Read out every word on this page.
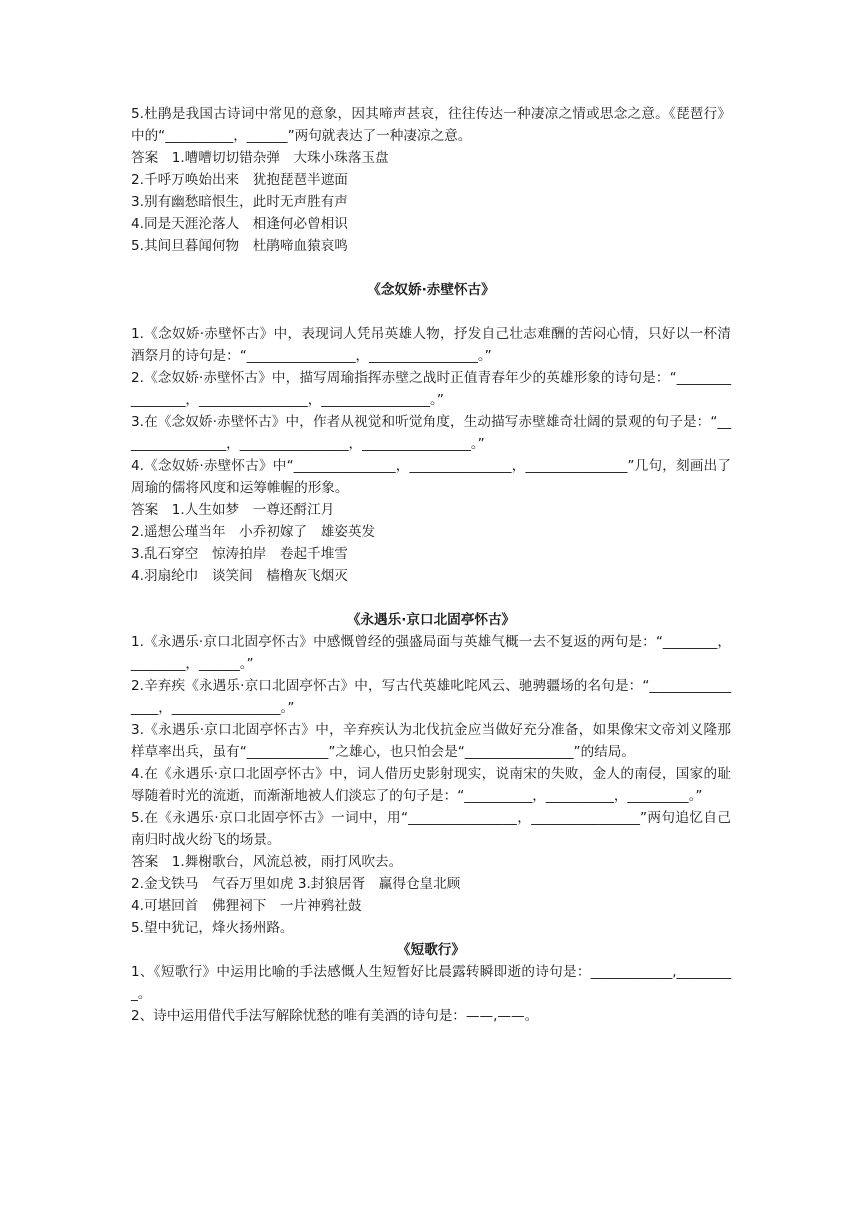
5.杜鹃是我国古诗词中常见的意象，因其啼声甚哀，往往传达一种凄凉之情或思念之意。《琵琶行》中的“__________，______”两句就表达了一种凄凉之意。

答案　1.嘈嘈切切错杂弹　大珠小珠落玉盘

2.千呼万唤始出来　犹抱琵琶半遮面

3.别有幽愁暗恨生，此时无声胜有声

4.同是天涯沦落人　相逢何必曾相识

5.其间旦暮闻何物　杜鹃啼血猿哀鸣

《念奴娇·赤壁怀古》

1.《念奴娇·赤壁怀古》中，表现词人凭吊英雄人物，抒发自己壮志难酬的苦闷心情，只好以一杯清酒祭月的诗句是：“________________，________________。”

2.《念奴娇·赤壁怀古》中，描写周瑜指挥赤壁之战时正值青春年少的英雄形象的诗句是：“________________，________________，________________。”

3.在《念奴娇·赤壁怀古》中，作者从视觉和听觉角度，生动描写赤壁雄奇壮阔的景观的句子是：“________________，________________，________________。”

4.《念奴娇·赤壁怀古》中“_______________，_______________，_______________”几句，刻画出了周瑜的儒将风度和运筹帷幄的形象。

答案　1.人生如梦　一尊还酹江月

2.遥想公瑾当年　小乔初嫁了　雄姿英发

3.乱石穿空　惊涛拍岸　卷起千堆雪

4.羽扇纶巾　谈笑间　樯橹灰飞烟灭

《永遇乐·京口北固亭怀古》

1.《永遇乐·京口北固亭怀古》中感慨曾经的强盛局面与英雄气概一去不复返的两句是：“________，________，______。”

2.辛弃疾《永遇乐·京口北固亭怀古》中，写古代英雄叱咤风云、驰骋疆场的名句是：“________________，________________。”

3.《永遇乐·京口北固亭怀古》中，辛弃疾认为北伐抗金应当做好充分准备，如果像宋文帝刘义隆那样草率出兵，虽有“____________”之雄心，也只怕会是“________________”的结局。

4.在《永遇乐·京口北固亭怀古》中，词人借历史影射现实，说南宋的失败，金人的南侵，国家的耻辱随着时光的流逝，而渐渐地被人们淡忘了的句子是：“__________，__________，_________。”

5.在《永遇乐·京口北固亭怀古》一词中，用“________________，________________”两句追忆自己南归时战火纷飞的场景。

答案　1.舞榭歌台，风流总被，雨打风吹去。

2.金戈铁马　气吞万里如虎 3.封狼居胥　赢得仓皇北顾

4.可堪回首　佛狸祠下　一片神鸦社鼓

5.望中犹记，烽火扬州路。

《短歌行》

1、《短歌行》中运用比喻的手法感慨人生短暂好比晨露转瞬即逝的诗句是：____________,_________。

2、诗中运用借代手法写解除忧愁的唯有美酒的诗句是：——,——。
